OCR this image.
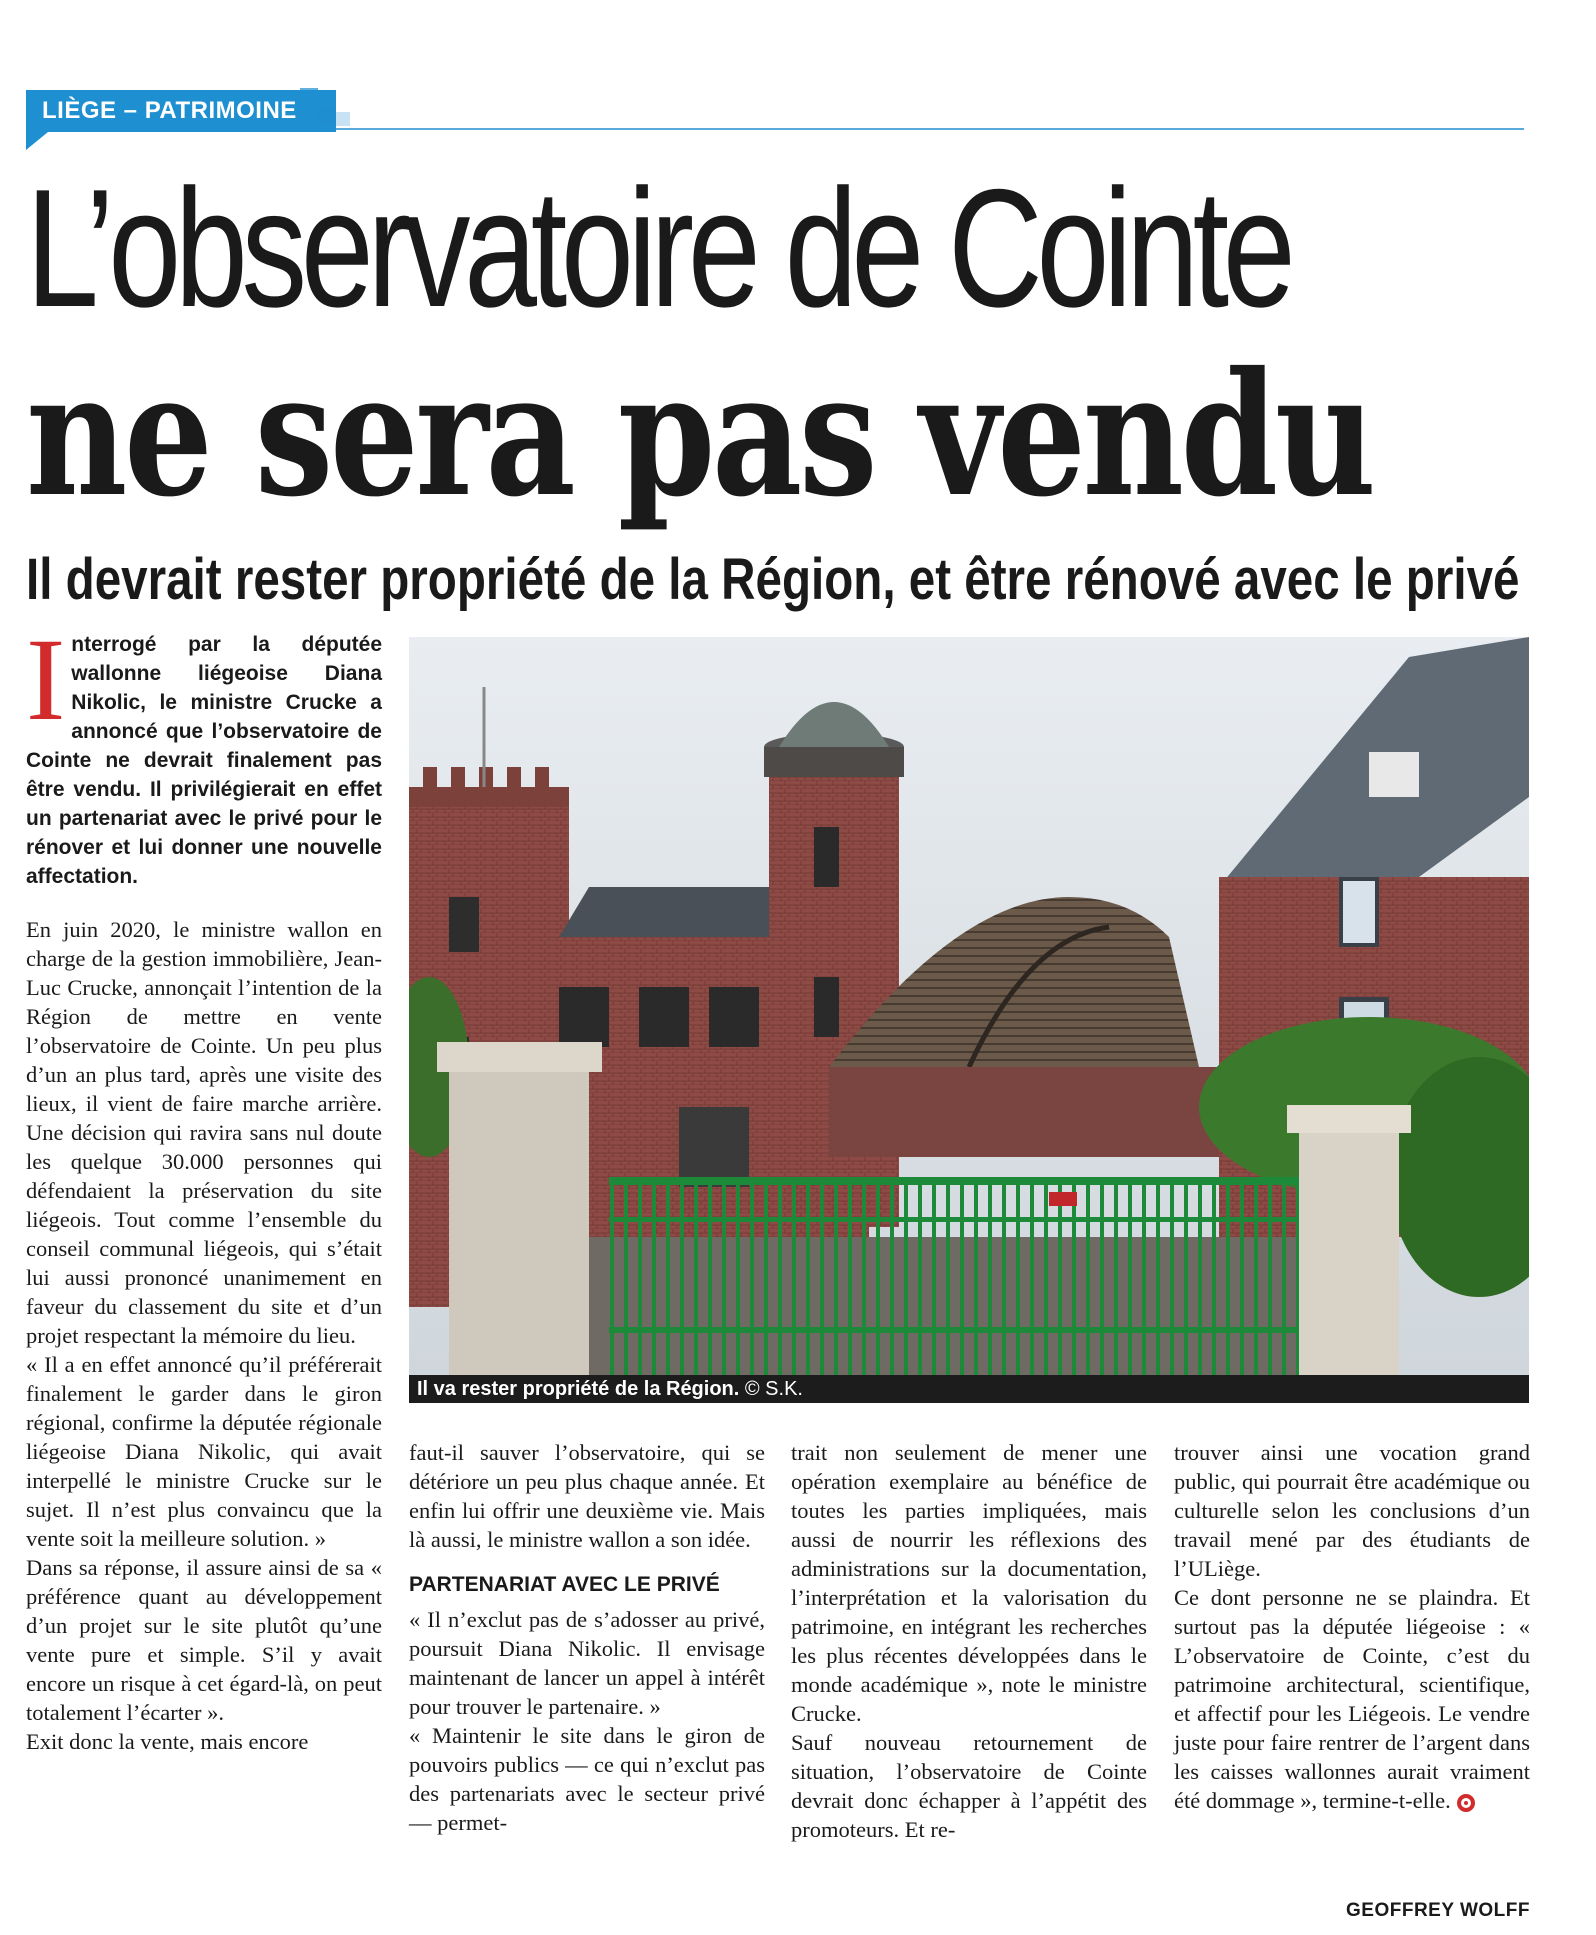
LIÈGE – PATRIMOINE
L’observatoire de Cointe
ne sera pas vendu
Il devrait rester propriété de la Région, et être rénové avec le privé
Interrogé par la députée wallonne liégeoise Diana Nikolic, le ministre Crucke a annoncé que l’observatoire de Cointe ne devrait finalement pas être vendu. Il privilégierait en effet un partenariat avec le privé pour le rénover et lui donner une nouvelle affectation.

En juin 2020, le ministre wallon en charge de la gestion immobilière, Jean-Luc Crucke, annonçait l’intention de la Région de mettre en vente l’observatoire de Cointe. Un peu plus d’un an plus tard, après une visite des lieux, il vient de faire marche arrière. Une décision qui ravira sans nul doute les quelque 30.000 personnes qui défendaient la préservation du site liégeois. Tout comme l’ensemble du conseil communal liégeois, qui s’était lui aussi prononcé unanimement en faveur du classement du site et d’un projet respectant la mémoire du lieu.

« Il a en effet annoncé qu’il préférerait finalement le garder dans le giron régional, confirme la députée régionale liégeoise Diana Nikolic, qui avait interpellé le ministre Crucke sur le sujet. Il n’est plus convaincu que la vente soit la meilleure solution. »

Dans sa réponse, il assure ainsi de sa « préférence quant au développement d’un projet sur le site plutôt qu’une vente pure et simple. S’il y avait encore un risque à cet égard-là, on peut totalement l’écarter ».

Exit donc la vente, mais encore

Il va rester propriété de la Région. © S.K.

faut-il sauver l’observatoire, qui se détériore un peu plus chaque année. Et enfin lui offrir une deuxième vie. Mais là aussi, le ministre wallon a son idée.

PARTENARIAT AVEC LE PRIVÉ

« Il n’exclut pas de s’adosser au privé, poursuit Diana Nikolic. Il envisage maintenant de lancer un appel à intérêt pour trouver le partenaire. »

« Maintenir le site dans le giron de pouvoirs publics — ce qui n’exclut pas des partenariats avec le secteur privé — permet-

trait non seulement de mener une opération exemplaire au bénéfice de toutes les parties impliquées, mais aussi de nourrir les réflexions des administrations sur la documentation, l’interprétation et la valorisation du patrimoine, en intégrant les recherches les plus récentes développées dans le monde académique », note le ministre Crucke.

Sauf nouveau retournement de situation, l’observatoire de Cointe devrait donc échapper à l’appétit des promoteurs. Et re-

trouver ainsi une vocation grand public, qui pourrait être académique ou culturelle selon les conclusions d’un travail mené par des étudiants de l’ULiège.

Ce dont personne ne se plaindra. Et surtout pas la députée liégeoise : « L’observatoire de Cointe, c’est du patrimoine architectural, scientifique, et affectif pour les Liégeois. Le vendre juste pour faire rentrer de l’argent dans les caisses wallonnes aurait vraiment été dommage », termine-t-elle.

GEOFFREY WOLFF
